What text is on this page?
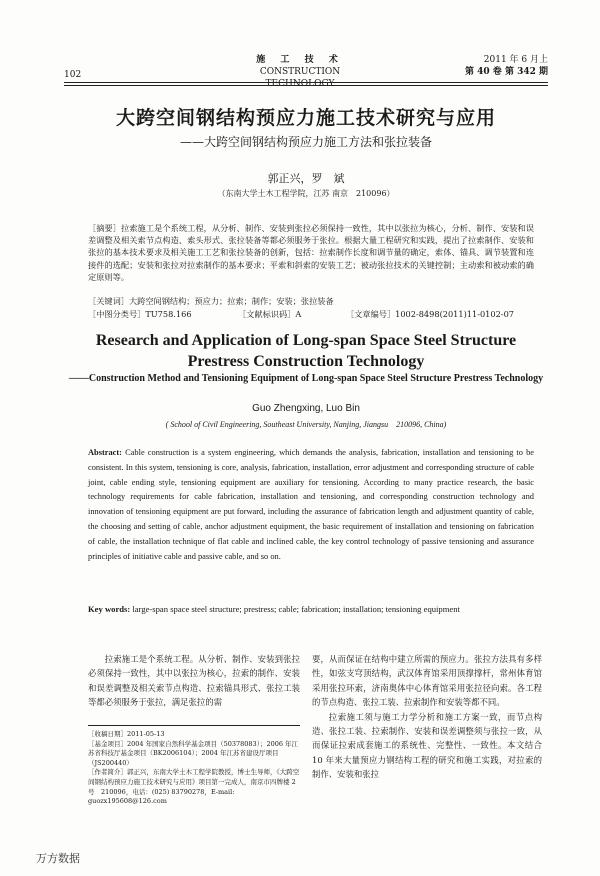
102
施 工 技 术
CONSTRUCTION TECHNOLOGY
2011 年 6 月上
第 40 卷 第 342 期
大跨空间钢结构预应力施工技术研究与应用
——大跨空间钢结构预应力施工方法和张拉装备
郭正兴，罗　斌
（东南大学土木工程学院，江苏 南京　210096）
［摘要］拉索施工是个系统工程，从分析、制作、安装到张拉必须保持一致性，其中以张拉为核心，分析、制作、安装和误差调整及相关索节点构造、索头形式、张拉装备等都必须服务于张拉。根据大量工程研究和实践，提出了拉索制作、安装和张拉的基本技术要求及相关施工工艺和张拉装备的创新，包括：拉索制作长度和调节量的确定，索体、锚具、调节装置和连接件的选配；安装和张拉对拉索制作的基本要求；平索和斜索的安装工艺；被动张拉技术的关键控制；主动索和被动索的确定原则等。
［关键词］大跨空间钢结构；预应力；拉索；制作；安装；张拉装备
［中图分类号］TU758.166	［文献标识码］A	［文章编号］1002-8498(2011)11-0102-07
Research and Application of Long-span Space Steel Structure Prestress Construction Technology
——Construction Method and Tensioning Equipment of Long-span Space Steel Structure Prestress Technology
Guo Zhengxing, Luo Bin
( School of Civil Engineering, Southeast University, Nanjing, Jiangsu　210096, China)
Abstract: Cable construction is a system engineering, which demands the analysis, fabrication, installation and tensioning to be consistent. In this system, tensioning is core, analysis, fabrication, installation, error adjustment and corresponding structure of cable joint, cable ending style, tensioning equipment are auxiliary for tensioning. According to many practice research, the basic technology requirements for cable fabrication, installation and tensioning, and corresponding construction technology and innovation of tensioning equipment are put forward, including the assurance of fabrication length and adjustment quantity of cable, the choosing and setting of cable, anchor adjustment equipment, the basic requirement of installation and tensioning on fabrication of cable, the installation technique of flat cable and inclined cable, the key control technology of passive tensioning and assurance principles of initiative cable and passive cable, and so on.
Key words: large-span space steel structure; prestress; cable; fabrication; installation; tensioning equipment
拉索施工是个系统工程。从分析、制作、安装到张拉必须保持一致性，其中以张拉为核心，拉索的制作、安装和误差调整及相关索节点构造、拉索锚具形式、张拉工装等都必须服务于张拉，满足张拉的需

要，从而保证在结构中建立所需的预应力。张拉方法具有多样性，如弦支穹顶结构，武汉体育馆采用顶撑撑杆，常州体育馆采用张拉环索，济南奥体中心体育馆采用张拉径向索。各工程的节点构造、张拉工装、拉索制作和安装等都不同。

拉索施工须与施工力学分析和施工方案一致，而节点构造、张拉工装、拉索制作、安装和误差调整须与张拉一致，从而保证拉索成套施工的系统性、完整性、一致性。本文结合 10 年来大量预应力钢结构工程的研究和施工实践，对拉索的制作、安装和张拉

［收稿日期］2011-05-13
［基金项目］2004 年国家自然科学基金项目（50378083）；2006 年江苏省科技厅基金项目（BK2006104）；2004 年江苏省建设厅项目（JS200440）
［作者简介］郭正兴，东南大学土木工程学院教授，博士生导师，《大跨空间钢结构预应力施工技术研究与应用》项目第一完成人，南京市四牌楼 2 号　210096，电话：(025) 83790278，E-mail: guozx195608@126.com
万方数据
